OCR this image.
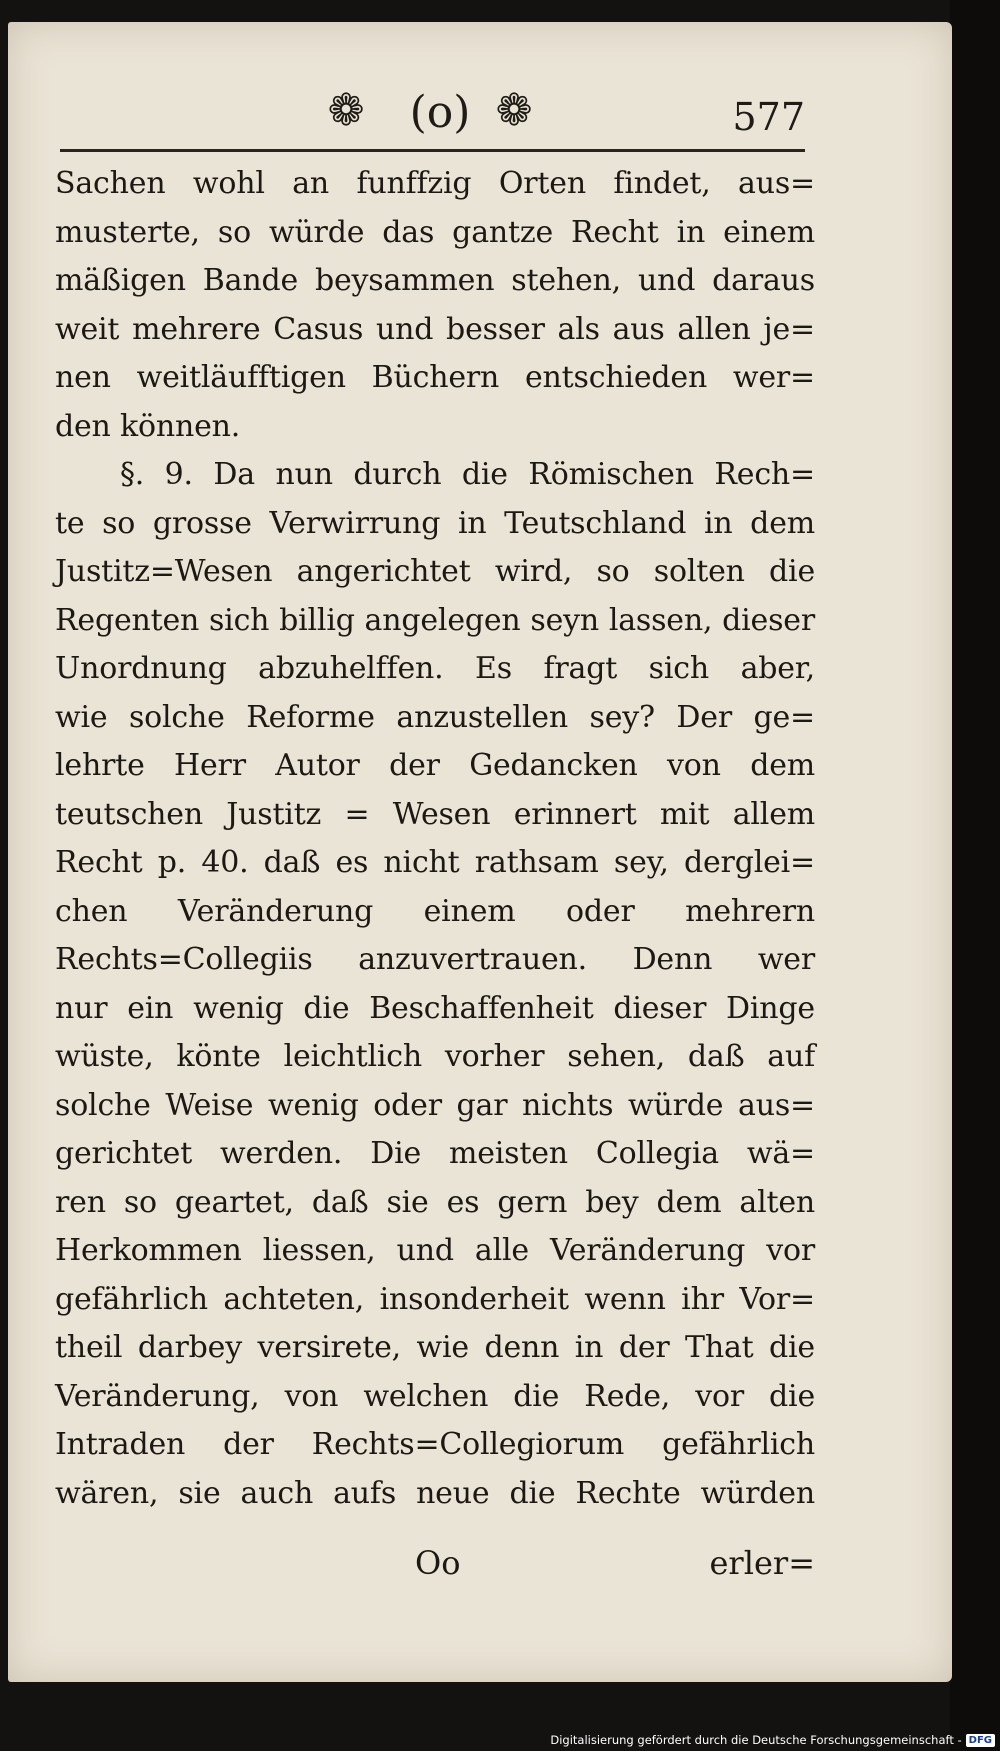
❁ (o) ❁	577
Sachen wohl an funffzig Orten findet, aus=
musterte, so würde das gantze Recht in einem
mäßigen Bande beysammen stehen, und daraus
weit mehrere Casus und besser als aus allen je=
nen weitläufftigen Büchern entschieden wer=
den können.
§. 9. Da nun durch die Römischen Rech=
te so grosse Verwirrung in Teutschland in dem
Justitz=Wesen angerichtet wird, so solten die
Regenten sich billig angelegen seyn lassen, dieser
Unordnung abzuhelffen. Es fragt sich aber,
wie solche Reforme anzustellen sey? Der ge=
lehrte Herr Autor der Gedancken von dem
teutschen Justitz = Wesen erinnert mit allem
Recht p. 40. daß es nicht rathsam sey, derglei=
chen Veränderung einem oder mehrern
Rechts=Collegiis anzuvertrauen. Denn wer
nur ein wenig die Beschaffenheit dieser Dinge
wüste, könte leichtlich vorher sehen, daß auf
solche Weise wenig oder gar nichts würde aus=
gerichtet werden. Die meisten Collegia wä=
ren so geartet, daß sie es gern bey dem alten
Herkommen liessen, und alle Veränderung vor
gefährlich achteten, insonderheit wenn ihr Vor=
theil darbey versirete, wie denn in der That die
Veränderung, von welchen die Rede, vor die
Intraden der Rechts=Collegiorum gefährlich
wären, sie auch aufs neue die Rechte würden
Oo	erler=
Digitalisierung gefördert durch die Deutsche Forschungsgemeinschaft - DFG
